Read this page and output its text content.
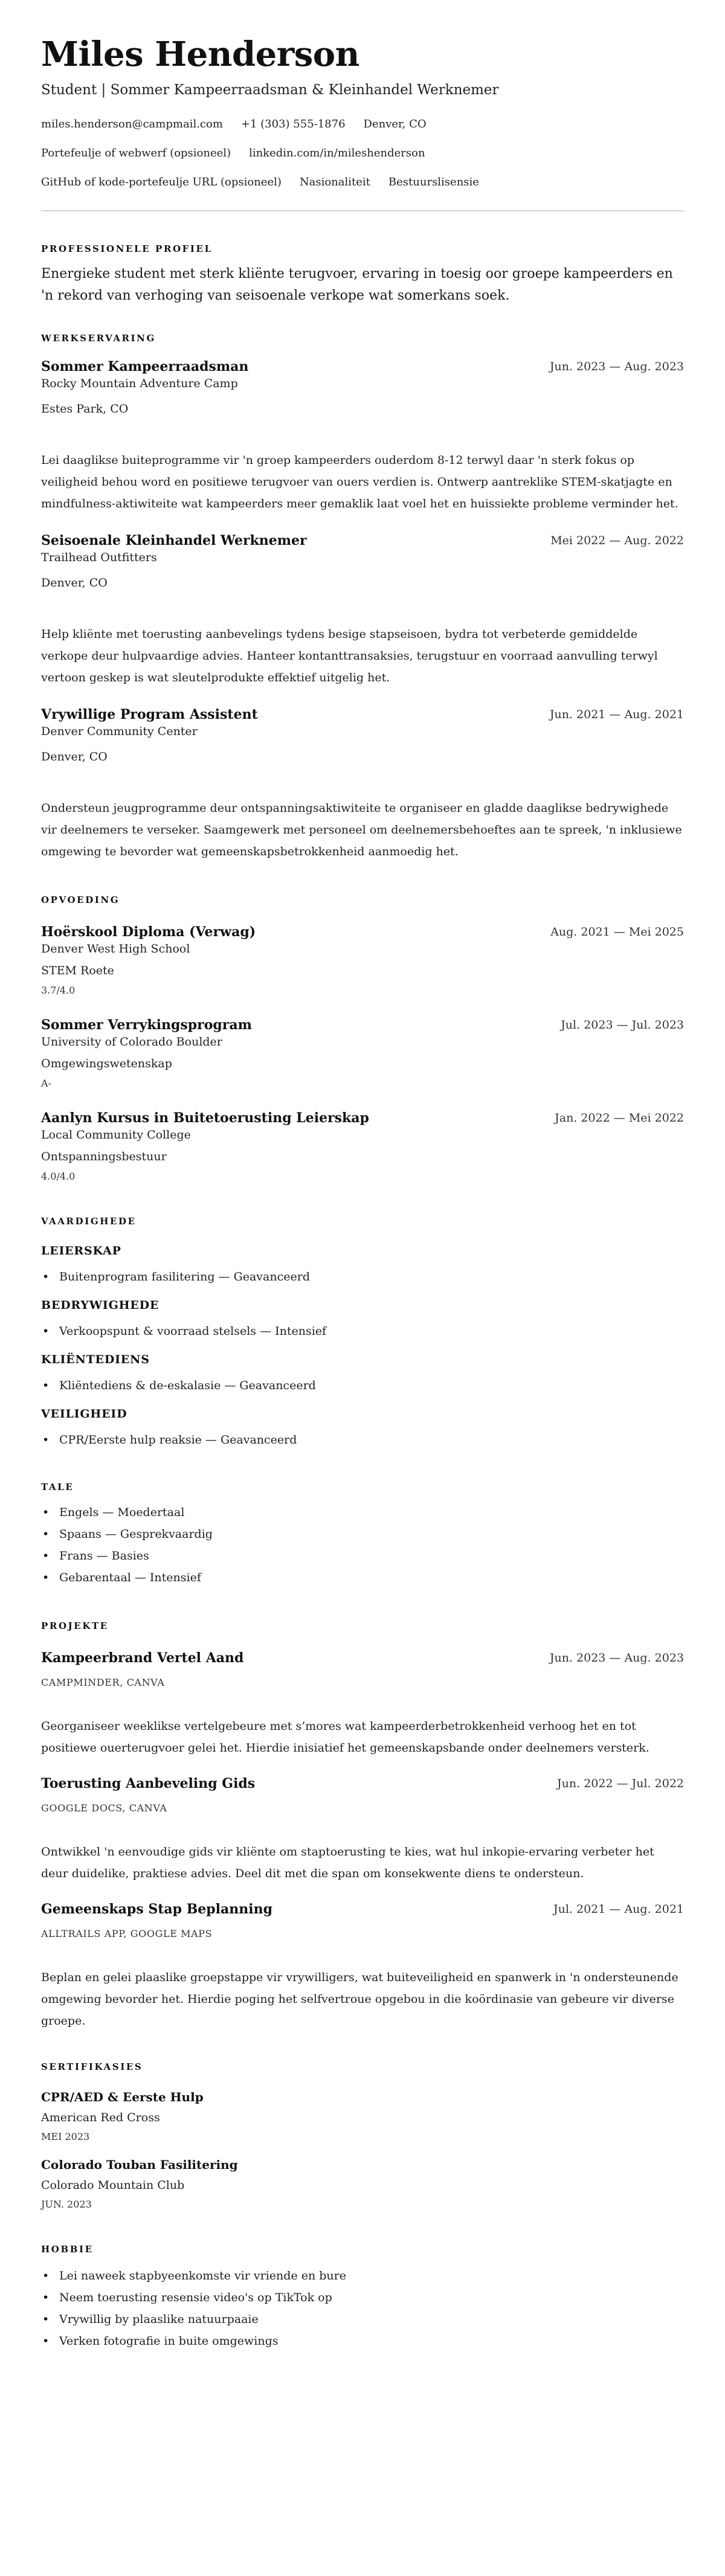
Miles Henderson
Student | Sommer Kampeerraadsman & Kleinhandel Werknemer
miles.henderson@campmail.com +1 (303) 555-1876 Denver, CO
Portefeulje of webwerf (opsioneel) linkedin.com/in/mileshenderson
GitHub of kode-portefeulje URL (opsioneel) Nasionaliteit Bestuurslisensie
PROFESSIONELE PROFIEL

Energieke student met sterk kliënte terugvoer, ervaring in toesig oor groepe kampeerders en 'n rekord van verhoging van seisoenale verkope wat somerkans soek.

WERKSERVARING
Sommer Kampeerraadsman	Jun. 2023 — Aug. 2023
Rocky Mountain Adventure Camp
Estes Park, CO

Lei daaglikse buiteprogramme vir 'n groep kampeerders ouderdom 8-12 terwyl daar 'n sterk fokus op veiligheid behou word en positiewe terugvoer van ouers verdien is. Ontwerp aantreklike STEM-skatjagte en mindfulness-aktiwiteite wat kampeerders meer gemaklik laat voel het en huissiekte probleme verminder het.

Seisoenale Kleinhandel Werknemer	Mei 2022 — Aug. 2022
Trailhead Outfitters
Denver, CO

Help kliënte met toerusting aanbevelings tydens besige stapseisoen, bydra tot verbeterde gemiddelde verkope deur hulpvaardige advies. Hanteer kontanttransaksies, terugstuur en voorraad aanvulling terwyl vertoon geskep is wat sleutelprodukte effektief uitgelig het.

Vrywillige Program Assistent	Jun. 2021 — Aug. 2021
Denver Community Center
Denver, CO

Ondersteun jeugprogramme deur ontspanningsaktiwiteite te organiseer en gladde daaglikse bedrywighede vir deelnemers te verseker. Saamgewerk met personeel om deelnemersbehoeftes aan te spreek, 'n inklusiewe omgewing te bevorder wat gemeenskapsbetrokkenheid aanmoedig het.

OPVOEDING
Hoërskool Diploma (Verwag)	Aug. 2021 — Mei 2025
Denver West High School
STEM Roete
3.7/4.0
Sommer Verrykingsprogram	Jul. 2023 — Jul. 2023
University of Colorado Boulder
Omgewingswetenskap
A-
Aanlyn Kursus in Buitetoerusting Leierskap	Jan. 2022 — Mei 2022
Local Community College
Ontspanningsbestuur
4.0/4.0
VAARDIGHEDE
LEIERSKAP
• Buitenprogram fasilitering — Geavanceerd
BEDRYWIGHEDE
• Verkoopspunt & voorraad stelsels — Intensief
KLIËNTEDIENS
• Kliëntediens & de-eskalasie — Geavanceerd
VEILIGHEID
• CPR/Eerste hulp reaksie — Geavanceerd
TALE
• Engels — Moedertaal
• Spaans — Gesprekvaardig
• Frans — Basies
• Gebarentaal — Intensief
PROJEKTE
Kampeerbrand Vertel Aand	Jun. 2023 — Aug. 2023
CAMPMINDER, CANVA

Georganiseer weeklikse vertelgebeure met s’mores wat kampeerderbetrokkenheid verhoog het en tot positiewe ouerterugvoer gelei het. Hierdie inisiatief het gemeenskapsbande onder deelnemers versterk.

Toerusting Aanbeveling Gids	Jun. 2022 — Jul. 2022
GOOGLE DOCS, CANVA

Ontwikkel 'n eenvoudige gids vir kliënte om staptoerusting te kies, wat hul inkopie-ervaring verbeter het deur duidelike, praktiese advies. Deel dit met die span om konsekwente diens te ondersteun.

Gemeenskaps Stap Beplanning	Jul. 2021 — Aug. 2021
ALLTRAILS APP, GOOGLE MAPS

Beplan en gelei plaaslike groepstappe vir vrywilligers, wat buiteveiligheid en spanwerk in 'n ondersteunende omgewing bevorder het. Hierdie poging het selfvertroue opgebou in die koördinasie van gebeure vir diverse groepe.

SERTIFIKASIES
CPR/AED & Eerste Hulp
American Red Cross
MEI 2023
Colorado Touban Fasilitering
Colorado Mountain Club
JUN. 2023
HOBBIE
• Lei naweek stapbyeenkomste vir vriende en bure
• Neem toerusting resensie video's op TikTok op
• Vrywillig by plaaslike natuurpaaie
• Verken fotografie in buite omgewings
